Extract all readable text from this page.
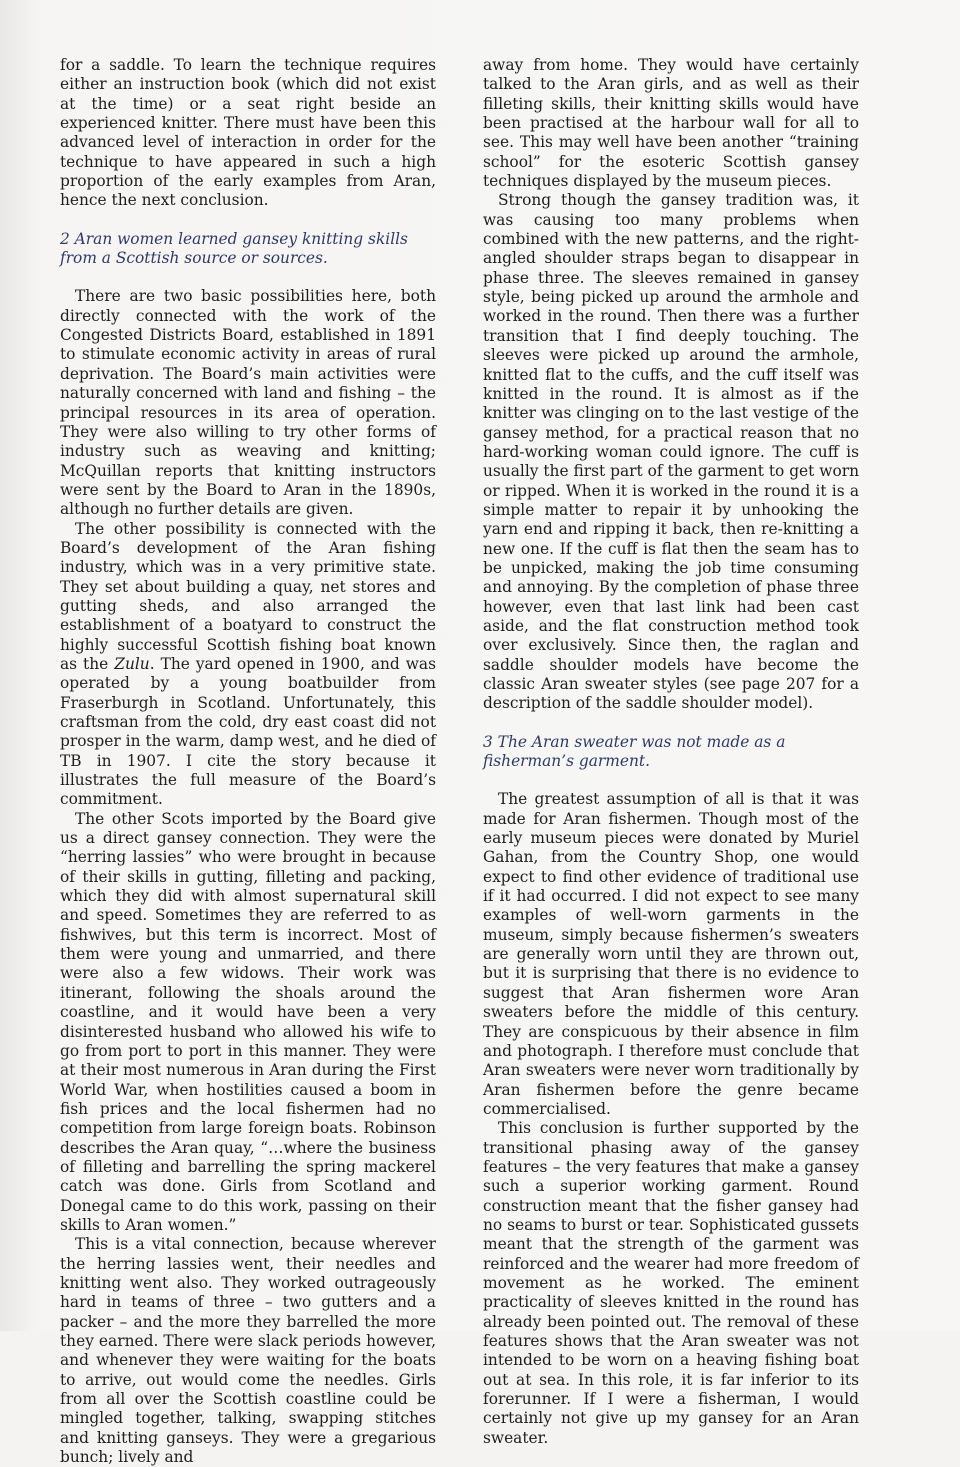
for a saddle. To learn the technique requires either an instruction book (which did not exist at the time) or a seat right beside an experienced knitter. There must have been this advanced level of interaction in order for the technique to have appeared in such a high proportion of the early examples from Aran, hence the next conclusion.

2 Aran women learned gansey knitting skills from a Scottish source or sources.

There are two basic possibilities here, both directly connected with the work of the Congested Districts Board, established in 1891 to stimulate economic activity in areas of rural deprivation. The Board’s main activities were naturally concerned with land and fishing – the principal resources in its area of operation. They were also willing to try other forms of industry such as weaving and knitting; McQuillan reports that knitting instructors were sent by the Board to Aran in the 1890s, although no further details are given.

The other possibility is connected with the Board’s development of the Aran fishing industry, which was in a very primitive state. They set about building a quay, net stores and gutting sheds, and also arranged the establishment of a boatyard to construct the highly successful Scottish fishing boat known as the Zulu. The yard opened in 1900, and was operated by a young boatbuilder from Fraserburgh in Scotland. Unfortunately, this craftsman from the cold, dry east coast did not prosper in the warm, damp west, and he died of TB in 1907. I cite the story because it illustrates the full measure of the Board’s commitment.

The other Scots imported by the Board give us a direct gansey connection. They were the “herring lassies” who were brought in because of their skills in gutting, filleting and packing, which they did with almost supernatural skill and speed. Sometimes they are referred to as fishwives, but this term is incorrect. Most of them were young and unmarried, and there were also a few widows. Their work was itinerant, following the shoals around the coastline, and it would have been a very disinterested husband who allowed his wife to go from port to port in this manner. They were at their most numerous in Aran during the First World War, when hostilities caused a boom in fish prices and the local fishermen had no competition from large foreign boats. Robinson describes the Aran quay, “…where the business of filleting and barrelling the spring mackerel catch was done. Girls from Scotland and Donegal came to do this work, passing on their skills to Aran women.”

This is a vital connection, because wherever the herring lassies went, their needles and knitting went also. They worked outrageously hard in teams of three – two gutters and a packer – and the more they barrelled the more they earned. There were slack periods however, and whenever they were waiting for the boats to arrive, out would come the needles. Girls from all over the Scottish coastline could be mingled together, talking, swapping stitches and knitting ganseys. They were a gregarious bunch; lively and

away from home. They would have certainly talked to the Aran girls, and as well as their filleting skills, their knitting skills would have been practised at the harbour wall for all to see. This may well have been another “training school” for the esoteric Scottish gansey techniques displayed by the museum pieces.

Strong though the gansey tradition was, it was causing too many problems when combined with the new patterns, and the right-angled shoulder straps began to disappear in phase three. The sleeves remained in gansey style, being picked up around the armhole and worked in the round. Then there was a further transition that I find deeply touching. The sleeves were picked up around the armhole, knitted flat to the cuffs, and the cuff itself was knitted in the round. It is almost as if the knitter was clinging on to the last vestige of the gansey method, for a practical reason that no hard-working woman could ignore. The cuff is usually the first part of the garment to get worn or ripped. When it is worked in the round it is a simple matter to repair it by unhooking the yarn end and ripping it back, then re-knitting a new one. If the cuff is flat then the seam has to be unpicked, making the job time consuming and annoying. By the completion of phase three however, even that last link had been cast aside, and the flat construction method took over exclusively. Since then, the raglan and saddle shoulder models have become the classic Aran sweater styles (see page 207 for a description of the saddle shoulder model).

3 The Aran sweater was not made as a fisherman’s garment.

The greatest assumption of all is that it was made for Aran fishermen. Though most of the early museum pieces were donated by Muriel Gahan, from the Country Shop, one would expect to find other evidence of traditional use if it had occurred. I did not expect to see many examples of well-worn garments in the museum, simply because fishermen’s sweaters are generally worn until they are thrown out, but it is surprising that there is no evidence to suggest that Aran fishermen wore Aran sweaters before the middle of this century. They are conspicuous by their absence in film and photograph. I therefore must conclude that Aran sweaters were never worn traditionally by Aran fishermen before the genre became commercialised.

This conclusion is further supported by the transitional phasing away of the gansey features – the very features that make a gansey such a superior working garment. Round construction meant that the fisher gansey had no seams to burst or tear. Sophisticated gussets meant that the strength of the garment was reinforced and the wearer had more freedom of movement as he worked. The eminent practicality of sleeves knitted in the round has already been pointed out. The removal of these features shows that the Aran sweater was not intended to be worn on a heaving fishing boat out at sea. In this role, it is far inferior to its forerunner. If I were a fisherman, I would certainly not give up my gansey for an Aran sweater.
